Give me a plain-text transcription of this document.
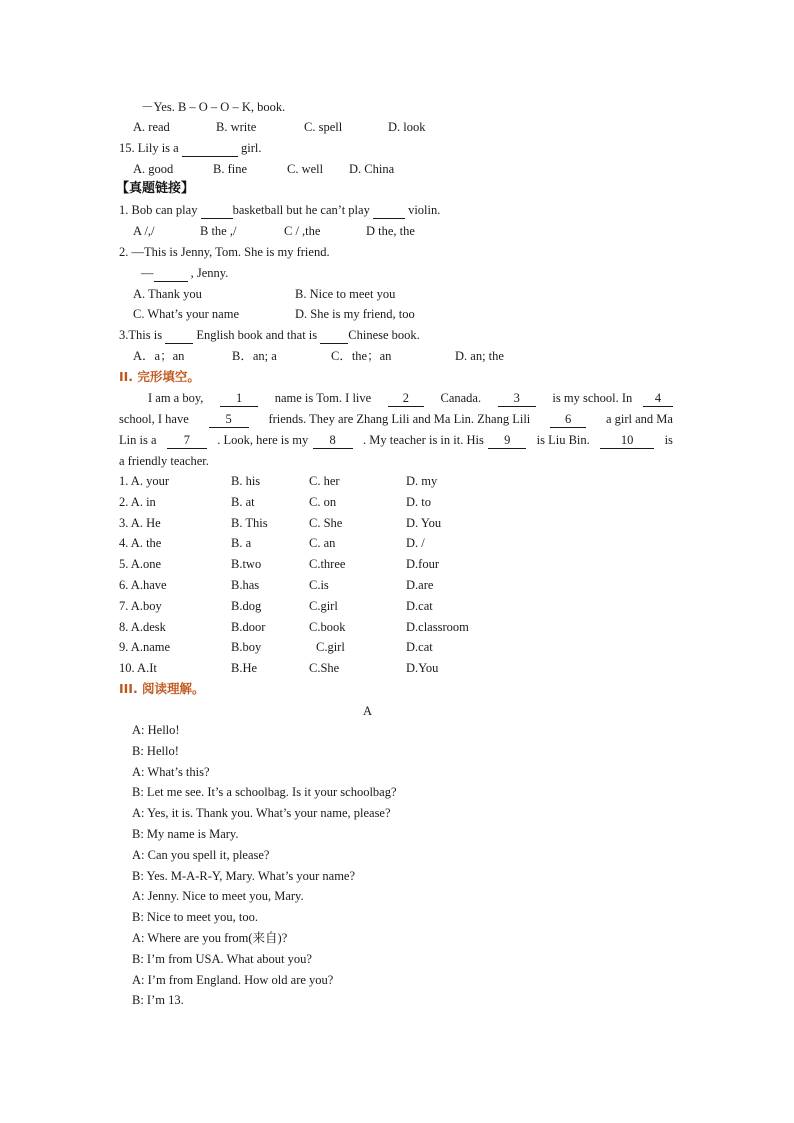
－Yes. B – O – O – K, book.
A. read	B. write	C. spell	D. look
15. Lily is a	girl.
A. good	B. fine	C. well D. China
【真题链接】
1. Bob can play	basketball but he can’t play	violin.
A /,/	B the ,/	C / ,the	D the, the
2. —This is Jenny, Tom. She is my friend.
—	, Jenny.
A. Thank you	B. Nice to meet you
C. What’s your name	D. She is my friend, too
3.This is	English book and that is Chinese book.
A．a；an	B．an; a	C．the；an	D. an; the
II. 完形填空。
I am a boy,	1	name is Tom. I live	2	Canada.	3	is my school. In	4
school, I have	5	friends. They are Zhang Lili and Ma Lin. Zhang Lili	6	a girl and Ma
Lin is a	7	. Look, here is my	8	. My teacher is in it. His	9	is Liu Bin.	10	is
a friendly teacher.
1. A. your	B. his	C. her	D. my
2. A. in	B. at	C. on	D. to
3. A. He	B. This	C. She	D. You
4. A. the	B. a	C. an	D. /
5. A.one	B.two	C.three	D.four
6. A.have	B.has	C.is	D.are
7. A.boy	B.dog	C.girl	D.cat
8. A.desk	B.door	C.book	D.classroom
9. A.name	B.boy	C.girl	D.cat
10. A.It	B.He	C.She	D.You
III. 阅读理解。
A
A: Hello!
B: Hello!
A: What’s this?
B: Let me see. It’s a schoolbag. Is it your schoolbag?
A: Yes, it is. Thank you. What’s your name, please?
B: My name is Mary.
A: Can you spell it, please?
B: Yes. M-A-R-Y, Mary. What’s your name?
A: Jenny. Nice to meet you, Mary.
B: Nice to meet you, too.
A: Where are you from(来自)?
B: I’m from USA. What about you?
A: I’m from England. How old are you?
B: I’m 13.
